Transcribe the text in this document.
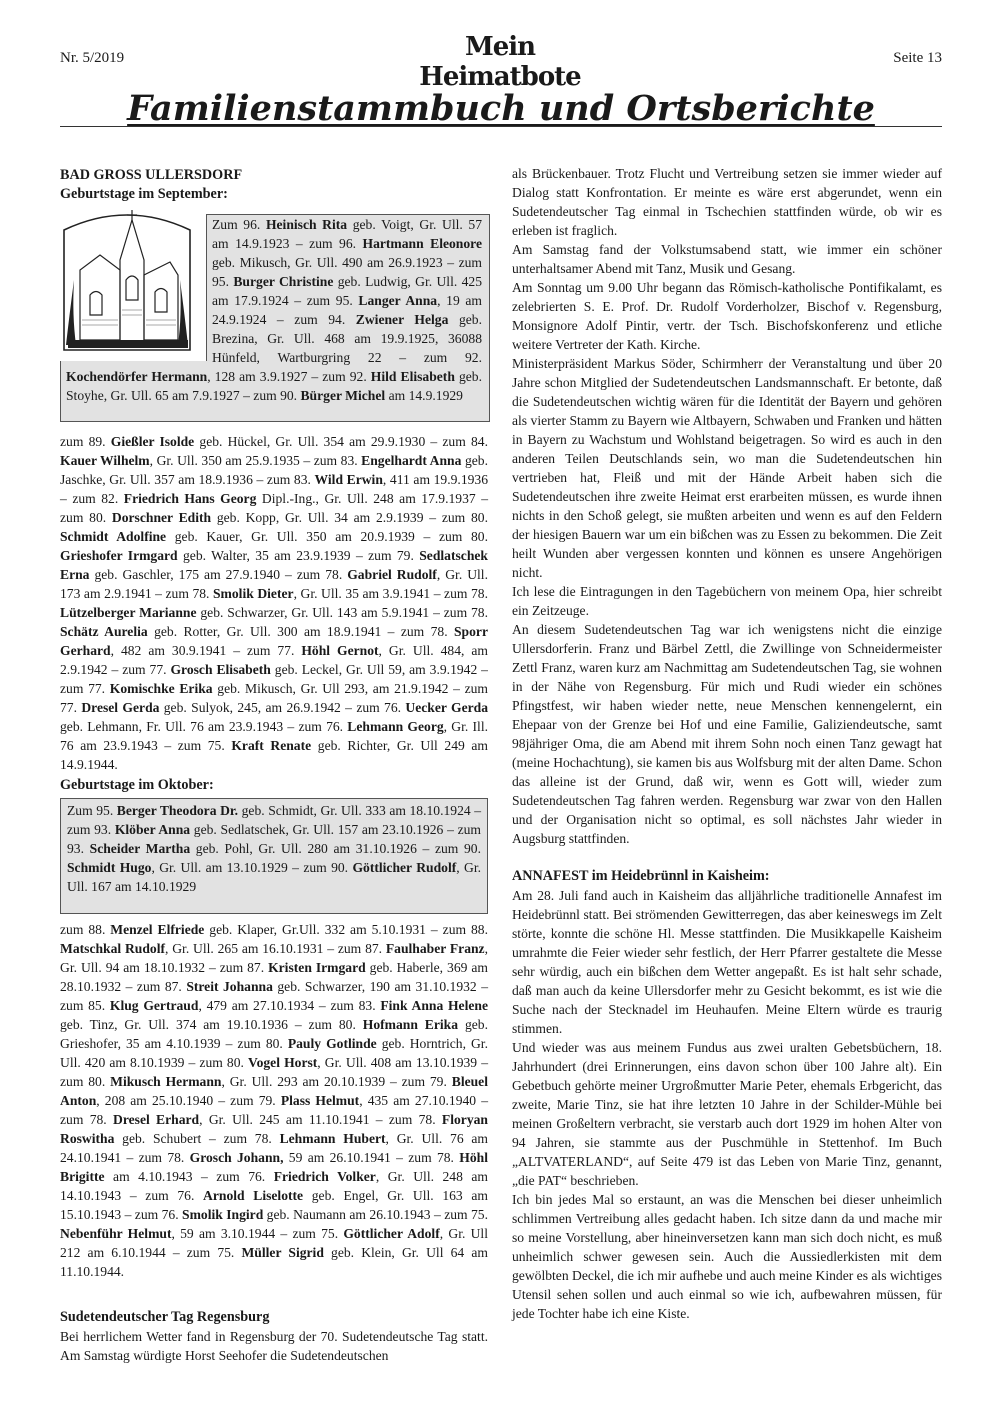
Nr. 5/2019	Mein Heimatbote
Seite 13
Familienstammbuch und Ortsberichte

BAD GROSS ULLERSDORF

Geburtstage im September:

Zum 96. Heinisch Rita geb. Voigt, Gr. Ull. 57 am 14.9.1923 – zum 96. Hartmann Eleonore geb. Mikusch, Gr. Ull. 490 am 26.9.1923 – zum 95. Burger Christine geb. Ludwig, Gr. Ull. 425 am 17.9.1924 – zum 95. Langer Anna, 19 am 24.9.1924 – zum 94. Zwiener Helga geb. Brezina, Gr. Ull. 468 am 19.9.1925, 36088 Hünfeld, Wartburgring 22 – zum 92. Kochendörfer Hermann, 128 am 3.9.1927 – zum 92. Hild Elisabeth geb. Stoyhe, Gr. Ull. 65 am 7.9.1927 – zum 90. Bürger Michel am 14.9.1929
zum 89. Gießler Isolde geb. Hückel, Gr. Ull. 354 am 29.9.1930 – zum 84. Kauer Wilhelm, Gr. Ull. 350 am 25.9.1935 – zum 83. Engelhardt Anna geb. Jaschke, Gr. Ull. 357 am 18.9.1936 – zum 83. Wild Erwin, 411 am 19.9.1936 – zum 82. Friedrich Hans Georg Dipl.-Ing., Gr. Ull. 248 am 17.9.1937 – zum 80. Dorschner Edith geb. Kopp, Gr. Ull. 34 am 2.9.1939 – zum 80. Schmidt Adolfine geb. Kauer, Gr. Ull. 350 am 20.9.1939 – zum 80. Grieshofer Irmgard geb. Walter, 35 am 23.9.1939 – zum 79. Sedlatschek Erna geb. Gaschler, 175 am 27.9.1940 – zum 78. Gabriel Rudolf, Gr. Ull. 173 am 2.9.1941 – zum 78. Smolik Dieter, Gr. Ull. 35 am 3.9.1941 – zum 78. Lützelberger Marianne geb. Schwarzer, Gr. Ull. 143 am 5.9.1941 – zum 78. Schätz Aurelia geb. Rotter, Gr. Ull. 300 am 18.9.1941 – zum 78. Sporr Gerhard, 482 am 30.9.1941 – zum 77. Höhl Gernot, Gr. Ull. 484, am 2.9.1942 – zum 77. Grosch Elisabeth geb. Leckel, Gr. Ull 59, am 3.9.1942 – zum 77. Komischke Erika geb. Mikusch, Gr. Ull 293, am 21.9.1942 – zum 77. Dresel Gerda geb. Sulyok, 245, am 26.9.1942 – zum 76. Uecker Gerda geb. Lehmann, Fr. Ull. 76 am 23.9.1943 – zum 76. Lehmann Georg, Gr. Ill. 76 am 23.9.1943 – zum 75. Kraft Renate geb. Richter, Gr. Ull 249 am 14.9.1944.
Geburtstage im Oktober:
Zum 95. Berger Theodora Dr. geb. Schmidt, Gr. Ull. 333 am 18.10.1924 – zum 93. Klöber Anna geb. Sedlatschek, Gr. Ull. 157 am 23.10.1926 – zum 93. Scheider Martha geb. Pohl, Gr. Ull. 280 am 31.10.1926 – zum 90. Schmidt Hugo, Gr. Ull. am 13.10.1929 – zum 90. Göttlicher Rudolf, Gr. Ull. 167 am 14.10.1929
zum 88. Menzel Elfriede geb. Klaper, Gr.Ull. 332 am 5.10.1931 – zum 88. Matschkal Rudolf, Gr. Ull. 265 am 16.10.1931 – zum 87. Faulhaber Franz, Gr. Ull. 94 am 18.10.1932 – zum 87. Kristen Irmgard geb. Haberle, 369 am 28.10.1932 – zum 87. Streit Johanna geb. Schwarzer, 190 am 31.10.1932 – zum 85. Klug Gertraud, 479 am 27.10.1934 – zum 83. Fink Anna Helene geb. Tinz, Gr. Ull. 374 am 19.10.1936 – zum 80. Hofmann Erika geb. Grieshofer, 35 am 4.10.1939 – zum 80. Pauly Gotlinde geb. Horntrich, Gr. Ull. 420 am 8.10.1939 – zum 80. Vogel Horst, Gr. Ull. 408 am 13.10.1939 – zum 80. Mikusch Hermann, Gr. Ull. 293 am 20.10.1939 – zum 79. Bleuel Anton, 208 am 25.10.1940 – zum 79. Plass Helmut, 435 am 27.10.1940 – zum 78. Dresel Erhard, Gr. Ull. 245 am 11.10.1941 – zum 78. Floryan Roswitha geb. Schubert – zum 78. Lehmann Hubert, Gr. Ull. 76 am 24.10.1941 – zum 78. Grosch Johann, 59 am 26.10.1941 – zum 78. Höhl Brigitte am 4.10.1943 – zum 76. Friedrich Volker, Gr. Ull. 248 am 14.10.1943 – zum 76. Arnold Liselotte geb. Engel, Gr. Ull. 163 am 15.10.1943 – zum 76. Smolik Ingird geb. Naumann am 26.10.1943 – zum 75. Nebenführ Helmut, 59 am 3.10.1944 – zum 75. Göttlicher Adolf, Gr. Ull 212 am 6.10.1944 – zum 75. Müller Sigrid geb. Klein, Gr. Ull 64 am 11.10.1944.
Sudetendeutscher Tag Regensburg
Bei herrlichem Wetter fand in Regensburg der 70. Sudetendeutsche Tag statt. Am Samstag würdigte Horst Seehofer die Sudetendeutschen

als Brückenbauer. Trotz Flucht und Vertreibung setzen sie immer wieder auf Dialog statt Konfrontation. Er meinte es wäre erst abgerundet, wenn ein Sudetendeutscher Tag einmal in Tschechien stattfinden würde, ob wir es erleben ist fraglich.

Am Samstag fand der Volkstumsabend statt, wie immer ein schöner unterhaltsamer Abend mit Tanz, Musik und Gesang.

Am Sonntag um 9.00 Uhr begann das Römisch-katholische Pontifikalamt, es zelebrierten S. E. Prof. Dr. Rudolf Vorderholzer, Bischof v. Regensburg, Monsignore Adolf Pintir, vertr. der Tsch. Bischofskonferenz und etliche weitere Vertreter der Kath. Kirche.

Ministerpräsident Markus Söder, Schirmherr der Veranstaltung und über 20 Jahre schon Mitglied der Sudetendeutschen Landsmannschaft. Er betonte, daß die Sudetendeutschen wichtig wären für die Identität der Bayern und gehören als vierter Stamm zu Bayern wie Altbayern, Schwaben und Franken und hätten in Bayern zu Wachstum und Wohlstand beigetragen. So wird es auch in den anderen Teilen Deutschlands sein, wo man die Sudetendeutschen hin vertrieben hat, Fleiß und mit der Hände Arbeit haben sich die Sudetendeutschen ihre zweite Heimat erst erarbeiten müssen, es wurde ihnen nichts in den Schoß gelegt, sie mußten arbeiten und wenn es auf den Feldern der hiesigen Bauern war um ein bißchen was zu Essen zu bekommen. Die Zeit heilt Wunden aber vergessen konnten und können es unsere Angehörigen nicht.

Ich lese die Eintragungen in den Tagebüchern von meinem Opa, hier schreibt ein Zeitzeuge.

An diesem Sudetendeutschen Tag war ich wenigstens nicht die einzige Ullersdorferin. Franz und Bärbel Zettl, die Zwillinge von Schneidermeister Zettl Franz, waren kurz am Nachmittag am Sudetendeutschen Tag, sie wohnen in der Nähe von Regensburg. Für mich und Rudi wieder ein schönes Pfingstfest, wir haben wieder nette, neue Menschen kennengelernt, ein Ehepaar von der Grenze bei Hof und eine Familie, Galiziendeutsche, samt 98jähriger Oma, die am Abend mit ihrem Sohn noch einen Tanz gewagt hat (meine Hochachtung), sie kamen bis aus Wolfsburg mit der alten Dame. Schon das alleine ist der Grund, daß wir, wenn es Gott will, wieder zum Sudetendeutschen Tag fahren werden. Regensburg war zwar von den Hallen und der Organisation nicht so optimal, es soll nächstes Jahr wieder in Augsburg stattfinden.

ANNAFEST im Heidebrünnl in Kaisheim:

Am 28. Juli fand auch in Kaisheim das alljährliche traditionelle Annafest im Heidebrünnl statt. Bei strömenden Gewitterregen, das aber keineswegs im Zelt störte, konnte die schöne Hl. Messe stattfinden. Die Musikkapelle Kaisheim umrahmte die Feier wieder sehr festlich, der Herr Pfarrer gestaltete die Messe sehr würdig, auch ein bißchen dem Wetter angepaßt. Es ist halt sehr schade, daß man auch da keine Ullersdorfer mehr zu Gesicht bekommt, es ist wie die Suche nach der Stecknadel im Heuhaufen. Meine Eltern würde es traurig stimmen.

Und wieder was aus meinem Fundus aus zwei uralten Gebetsbüchern, 18. Jahrhundert (drei Erinnerungen, eins davon schon über 100 Jahre alt). Ein Gebetbuch gehörte meiner Urgroßmutter Marie Peter, ehemals Erbgericht, das zweite, Marie Tinz, sie hat ihre letzten 10 Jahre in der Schilder-Mühle bei meinen Großeltern verbracht, sie verstarb auch dort 1929 im hohen Alter von 94 Jahren, sie stammte aus der Puschmühle in Stettenhof. Im Buch „ALTVATERLAND“, auf Seite 479 ist das Leben von Marie Tinz, genannt, „die PAT“ beschrieben.

Ich bin jedes Mal so erstaunt, an was die Menschen bei dieser unheimlich schlimmen Vertreibung alles gedacht haben. Ich sitze dann da und mache mir so meine Vorstellung, aber hineinversetzen kann man sich doch nicht, es muß unheimlich schwer gewesen sein. Auch die Aussiedlerkisten mit dem gewölbten Deckel, die ich mir aufhebe und auch meine Kinder es als wichtiges Utensil sehen sollen und auch einmal so wie ich, aufbewahren müssen, für jede Tochter habe ich eine Kiste.
